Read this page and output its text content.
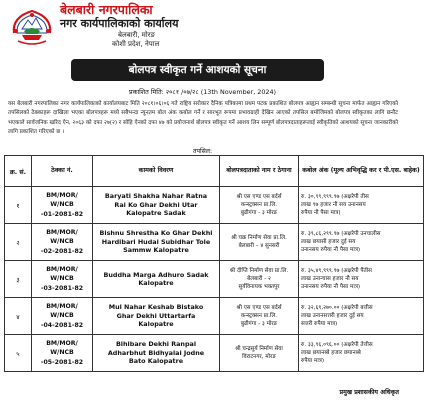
बेलबारी नगरपालिका
नगर कार्यपालिकाको कार्यालय
बेलबारी, मोरङ
कोशी प्रदेश, नेपाल
बोलपत्र स्वीकृत गर्ने आशयको सूचना
प्रकाशित मिति: २०८१ /०७/२८ (13th November, 2024)
यस बेलबारी नगरपालिका नगर कार्यपालिकाको कार्यालयबाट मिति २०८१।०६।०६ गते राष्ट्रिय सरोकार दैनिक पत्रिकामा प्रथम पटक प्रकाशित बोलपत्र आह्वान सम्बन्धी सूचना मार्फत आह्वान गरिएको तपसिलको ठेक्काहरू दाखिला भएका बोलपत्रहरू मध्ये सबैभन्दा न्यूनतम बोल अंक कबोल गर्ने र सारभूत रूपमा प्रभावग्राही देखिन आएको तपसिल बमोजिमको बोलपत्र स्वीकृतका लागि छनौट भएकाले सार्वजनिक खरिद ऐन, २०६३ को दफा २७(२) र सोहि ऐनको दफा ४७ को प्रयोजनार्थ बोलपत्र स्वीकृत गर्ने आशय लिन सम्पूर्ण बोलपत्रदाताहरूलाई स्वीकृतिको आशयको सूचना जानकारीको लागि प्रकाशित गरिएको छ ।
तपसिल:
क्र. सं.	ठेक्का नं.	कामको विवरण	बोलपत्रदाताको नाम र ठेगाना	कबोल अंक (मूल्य अभिवृद्धि कर र पी.एस. बाहेक)
१	BM/MOR/
W/NCB
-01-2081-82	Baryati Shakha Nahar Ratna
Rai Ko Ghar Dekhi Utar
Kalopatre Sadak	श्री एस एण्ड एस बर्दर्स
कन्स्ट्रक्सन प्रा.लि.
बुढीगंगा - ३ मोरङ	रु. ३०,९९,९९९.९७ (अक्षरेपी तीस
लाख ९७ हजार नौ सय उनानसय
रुपैया नौ पैसा मात्र)

२	BM/MOR/
W/NCB
-02-2081-82	Bishnu Shrestha Ko Ghar Dekhi
Hardibari Hudai Subidhar Tole
Sammw Kalopatre	श्री चक्र निर्माण सेवा प्रा.लि.
बेलबारी – ४ सुनसरी	रु. ३९,८६,२९९.९७ (अक्षरेपी उनचालीस
लाख छयासी हजार दुई सय
उनानसय रुपैया नौ पैसा मात्र)

३	BM/MOR/
W/NCB
-03-2081-82	Buddha Marga Adhuro Sadak
Kalopatre	श्री दीप्ति निर्माण सेवा प्रा.लि.
बेलबारी - २
सुर्यविनायक भक्तपुर	रु. ३५,४९,९९९.९७ (अक्षरेपी पैंतीस
लाख उनान्चास हजार नौ सय
उनानसय रुपैया नौ पैसा मात्र)

४	BM/MOR/
W/NCB
-04-2081-82	Mul Nahar Keshab Bistako
Ghar Dekhi Uttartarfa
Kalopatre	श्री एस एण्ड एस बर्दर्स
कन्स्ट्रक्सन प्रा.लि.
बुढीगंगा - ३ मोरङ	रु. ३२,६९,२७०.०० (अक्षरेपी बत्तीस
लाख उनानसत्तरी हजार दुई सय
सत्तरी रुपैया मात्र)

५	BM/MOR/
W/NCB
-05-2081-82	Bihibare Dekhi Ranpal
Adharbhut Bidhyalai Jodne
Bato Kalopatre	श्री चन्द्रसुर्य निर्माण सेवा
विराटनगर, मोरङ	रु. ३३,९६,०९६.०० (अक्षरेपी तेत्तीस
लाख छयानब्बे हजार छयानब्बे
रुपैया मात्र)
प्रमुख प्रशासकीय अधिकृत
